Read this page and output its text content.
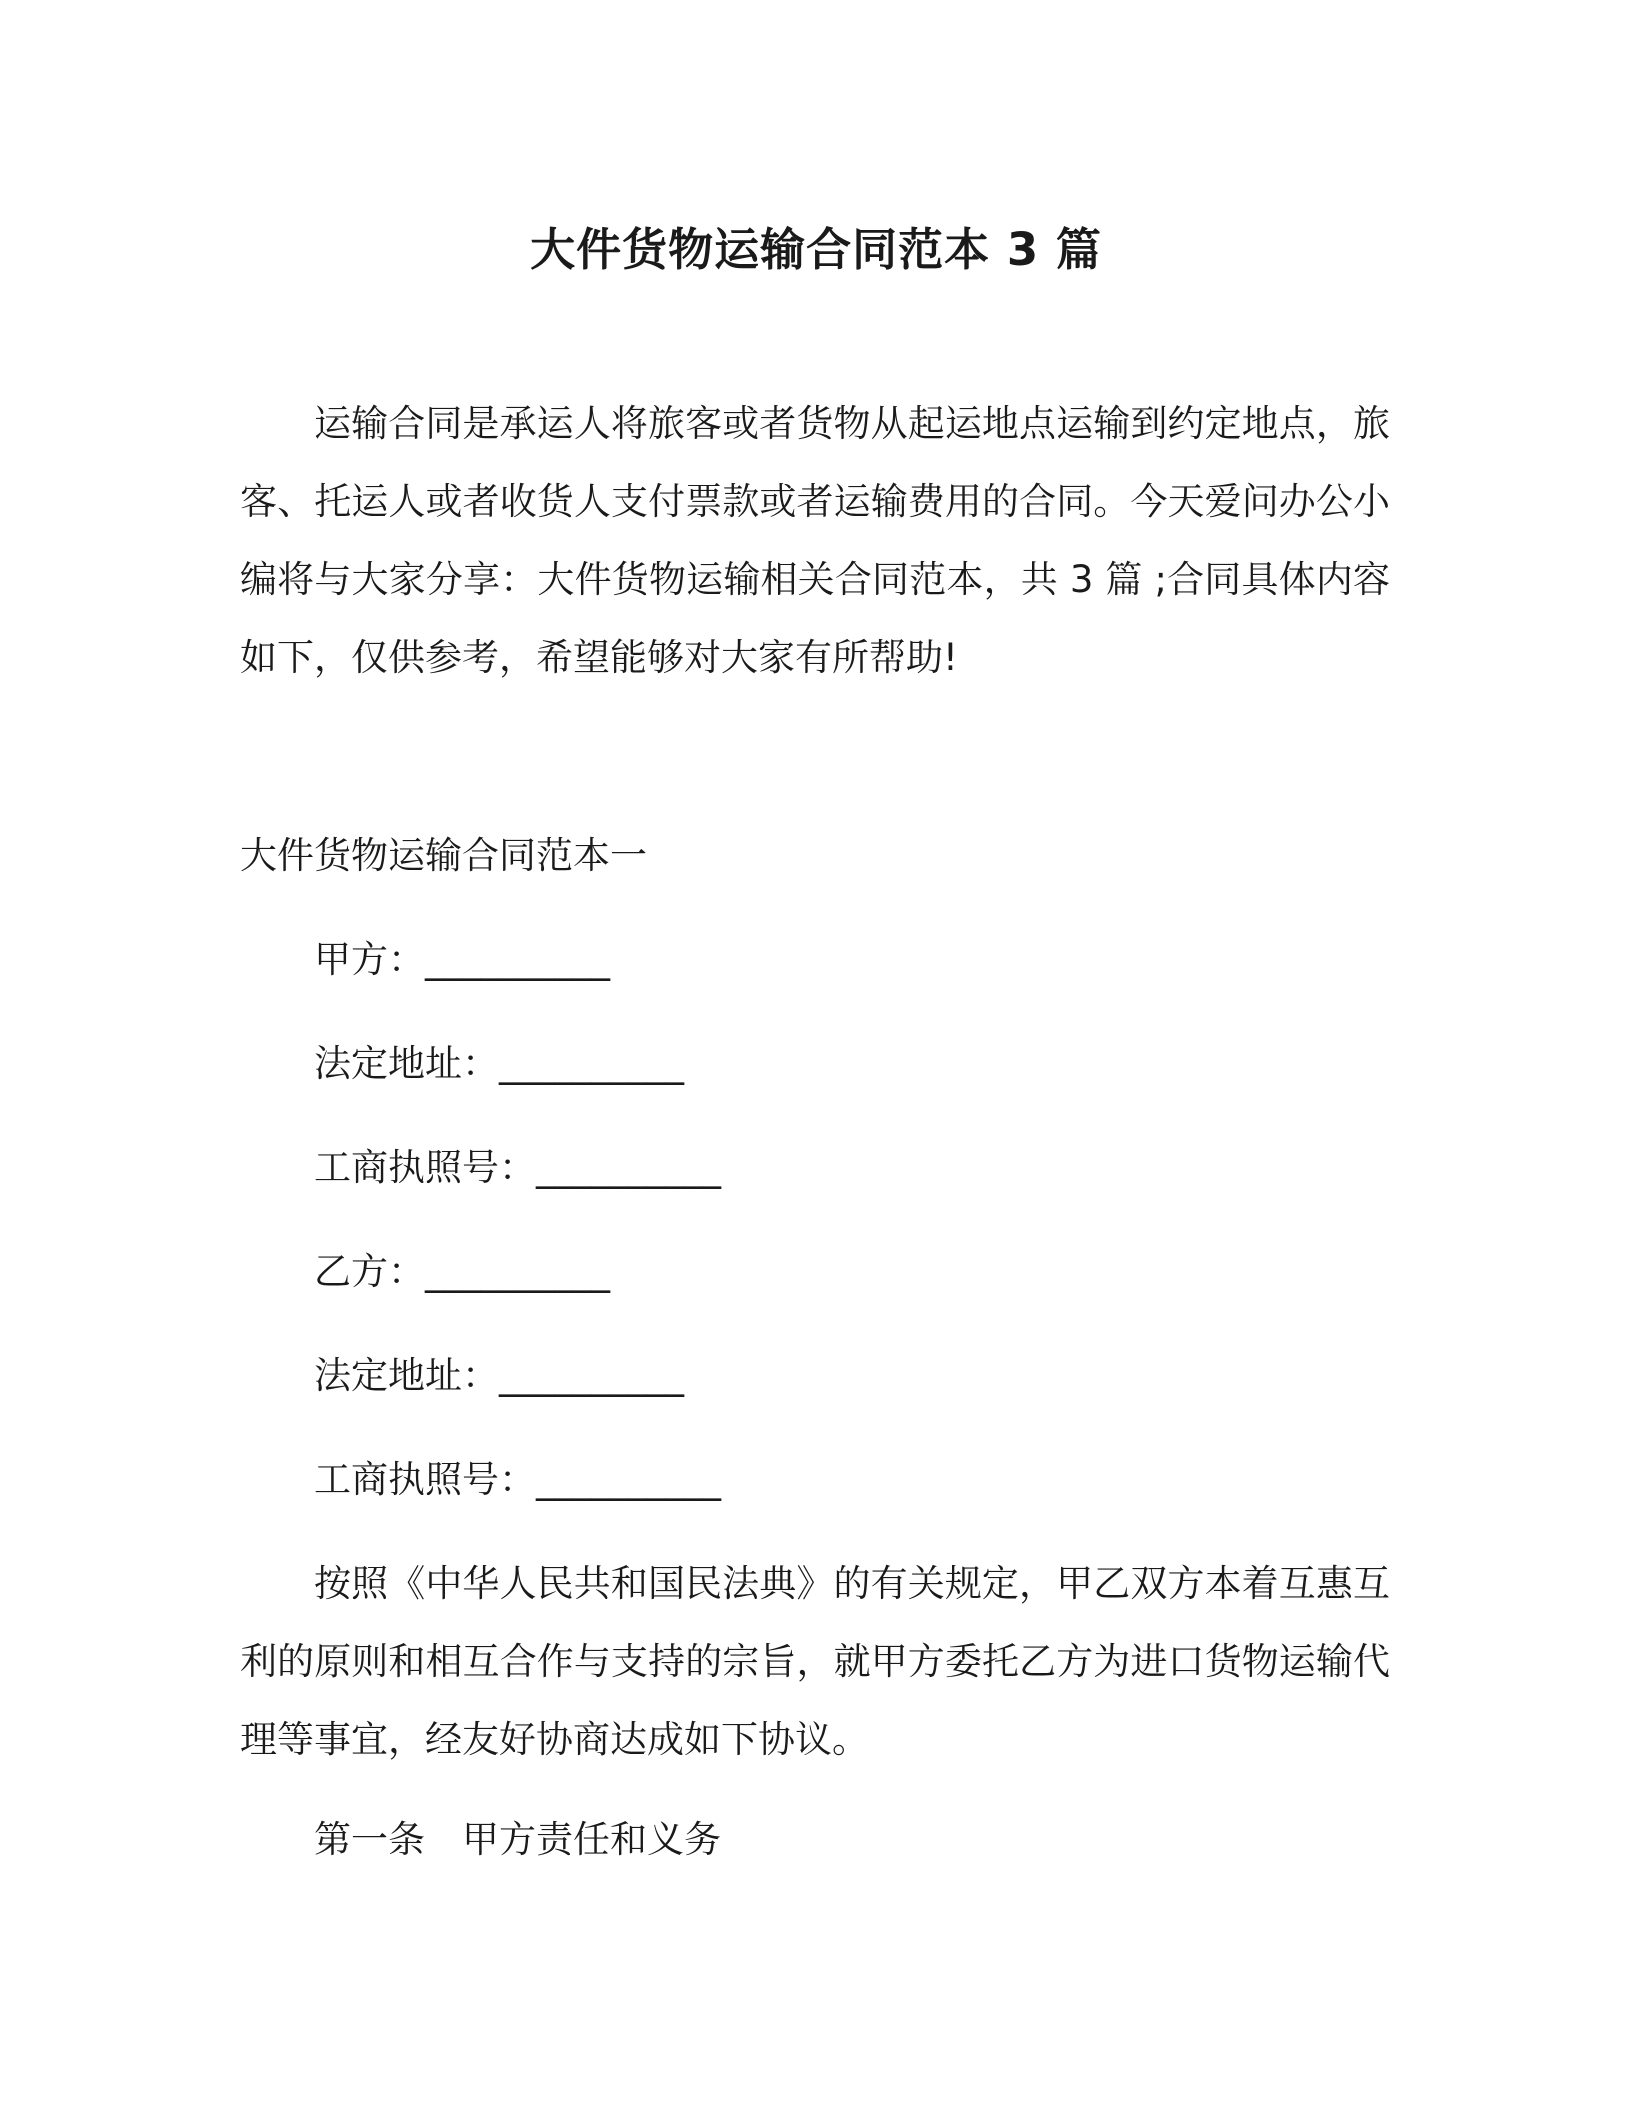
大件货物运输合同范本 3 篇

运输合同是承运人将旅客或者货物从起运地点运输到约定地点，旅客、托运人或者收货人支付票款或者运输费用的合同。今天爱问办公小编将与大家分享：大件货物运输相关合同范本，共 3 篇 ;合同具体内容如下，仅供参考，希望能够对大家有所帮助!

大件货物运输合同范本一
甲方：__________
法定地址：__________
工商执照号：__________
乙方：__________
法定地址：__________
工商执照号：__________

按照《中华人民共和国民法典》的有关规定，甲乙双方本着互惠互利的原则和相互合作与支持的宗旨，就甲方委托乙方为进口货物运输代理等事宜，经友好协商达成如下协议。

第一条 甲方责任和义务
